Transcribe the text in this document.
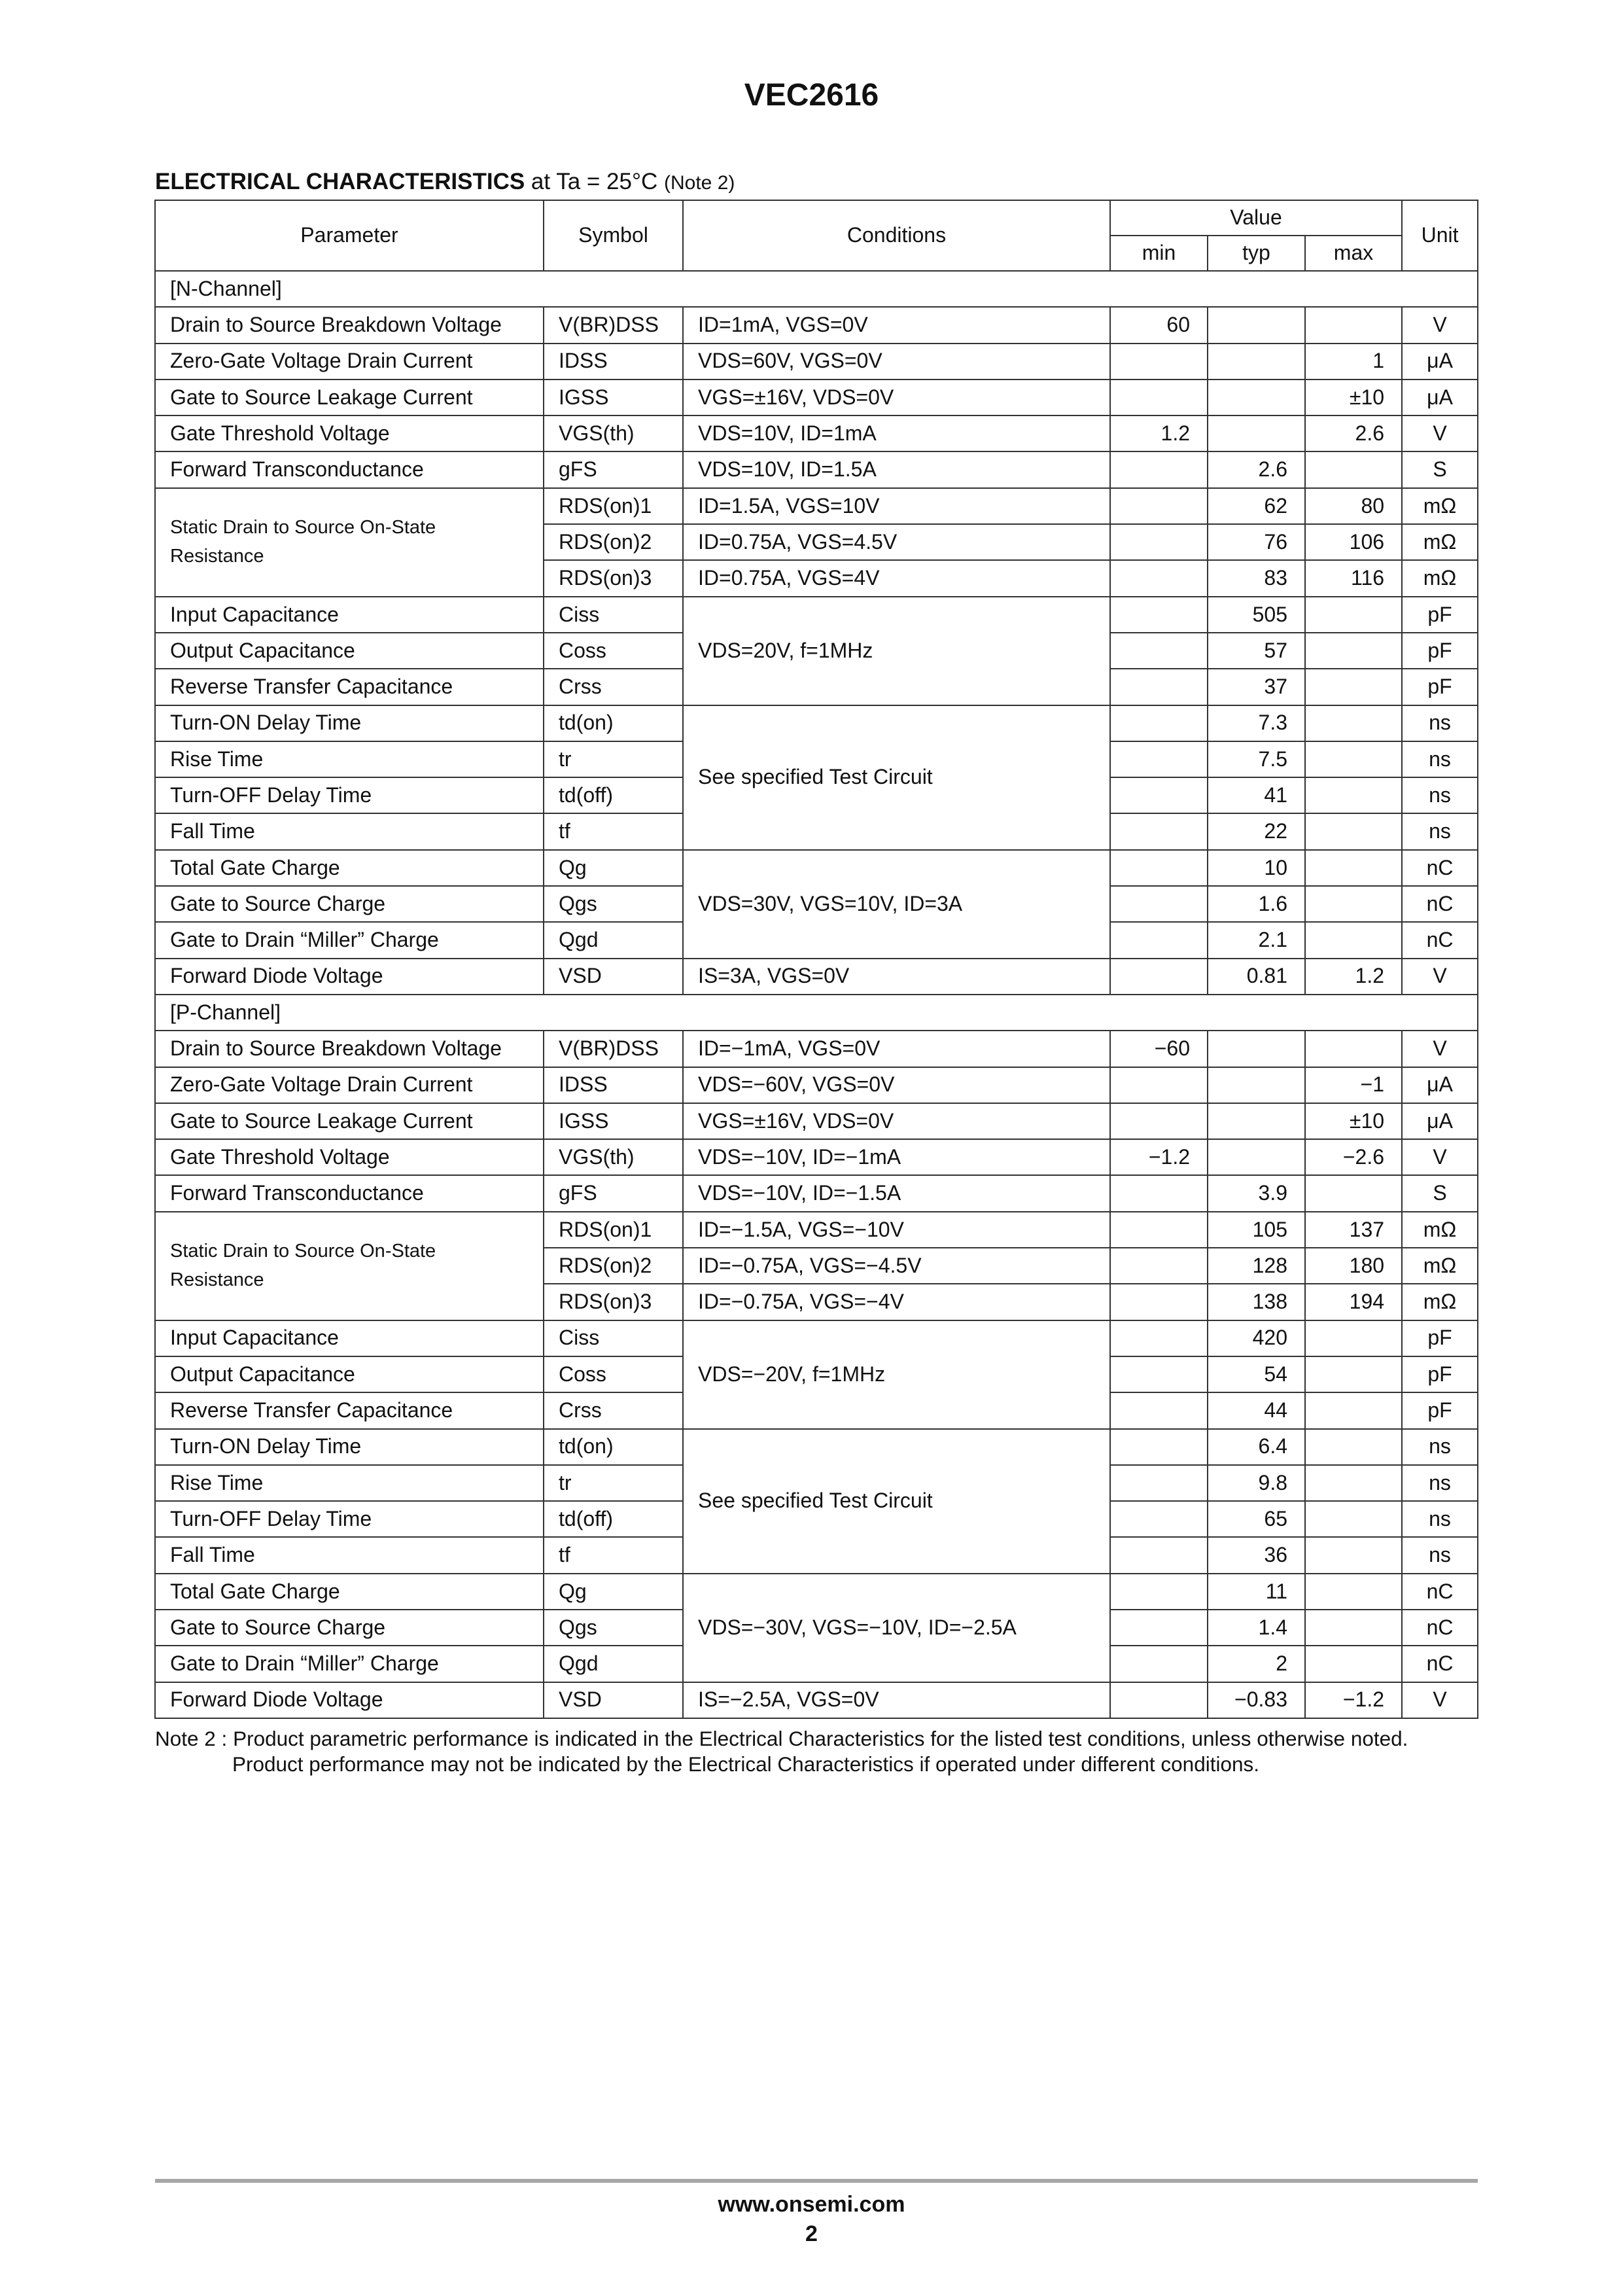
VEC2616
ELECTRICAL CHARACTERISTICS at Ta = 25°C (Note 2)
Parameter	Symbol	Conditions	Value			Unit
			min	typ	max	
[N-Channel]						
Drain to Source Breakdown Voltage	V(BR)DSS	ID=1mA, VGS=0V	60			V
Zero-Gate Voltage Drain Current	IDSS	VDS=60V, VGS=0V			1	μA
Gate to Source Leakage Current	IGSS	VGS=±16V, VDS=0V			±10	μA
Gate Threshold Voltage	VGS(th)	VDS=10V, ID=1mA	1.2		2.6	V
Forward Transconductance	gFS	VDS=10V, ID=1.5A		2.6		S
Static Drain to Source On-State Resistance	RDS(on)1	ID=1.5A, VGS=10V		62	80	mΩ
	RDS(on)2	ID=0.75A, VGS=4.5V		76	106	mΩ
	RDS(on)3	ID=0.75A, VGS=4V		83	116	mΩ
Input Capacitance	Ciss	VDS=20V, f=1MHz		505		pF
Output Capacitance	Coss			57		pF
Reverse Transfer Capacitance	Crss			37		pF
Turn-ON Delay Time	td(on)	See specified Test Circuit		7.3		ns
Rise Time	tr			7.5		ns
Turn-OFF Delay Time	td(off)			41		ns
Fall Time	tf			22		ns
Total Gate Charge	Qg	VDS=30V, VGS=10V, ID=3A		10		nC
Gate to Source Charge	Qgs			1.6		nC
Gate to Drain “Miller” Charge	Qgd			2.1		nC
Forward Diode Voltage	VSD	IS=3A, VGS=0V		0.81	1.2	V
[P-Channel]						
Drain to Source Breakdown Voltage	V(BR)DSS	ID=−1mA, VGS=0V	−60			V
Zero-Gate Voltage Drain Current	IDSS	VDS=−60V, VGS=0V			−1	μA
Gate to Source Leakage Current	IGSS	VGS=±16V, VDS=0V			±10	μA
Gate Threshold Voltage	VGS(th)	VDS=−10V, ID=−1mA	−1.2		−2.6	V
Forward Transconductance	gFS	VDS=−10V, ID=−1.5A		3.9		S
Static Drain to Source On-State Resistance	RDS(on)1	ID=−1.5A, VGS=−10V		105	137	mΩ
	RDS(on)2	ID=−0.75A, VGS=−4.5V		128	180	mΩ
	RDS(on)3	ID=−0.75A, VGS=−4V		138	194	mΩ
Input Capacitance	Ciss	VDS=−20V, f=1MHz		420		pF
Output Capacitance	Coss			54		pF
Reverse Transfer Capacitance	Crss			44		pF
Turn-ON Delay Time	td(on)	See specified Test Circuit		6.4		ns
Rise Time	tr			9.8		ns
Turn-OFF Delay Time	td(off)			65		ns
Fall Time	tf			36		ns
Total Gate Charge	Qg	VDS=−30V, VGS=−10V, ID=−2.5A		11		nC
Gate to Source Charge	Qgs			1.4		nC
Gate to Drain “Miller” Charge	Qgd			2		nC
Forward Diode Voltage	VSD	IS=−2.5A, VGS=0V		−0.83	−1.2	V
Note 2 : Product parametric performance is indicated in the Electrical Characteristics for the listed test conditions, unless otherwise noted.
Product performance may not be indicated by the Electrical Characteristics if operated under different conditions.
www.onsemi.com
2
